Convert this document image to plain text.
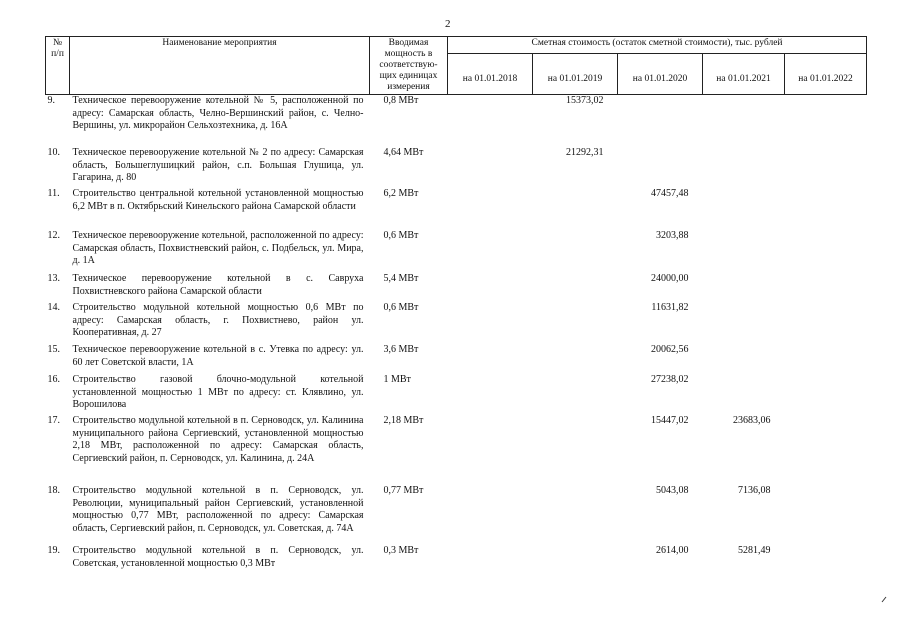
2
№ п/п	Наименование мероприятия	Вводимая мощность в соответствую-щих единицах измерения	Сметная стоимость (остаток сметной стоимости), тыс. рублей				
			на 01.01.2018	на 01.01.2019	на 01.01.2020	на 01.01.2021	на 01.01.2022
9.	Техническое перевооружение котельной № 5, расположенной по адресу: Самарская область, Челно-Вершинский район, с. Челно-Вершины, ул. микрорайон Сельхозтехника, д. 16А	0,8 МВт		15373,02			
10.	Техническое перевооружение котельной № 2 по адресу: Самарская область, Большеглушицкий район, с.п. Большая Глушица, ул. Гагарина, д. 80	4,64 МВт		21292,31			
11.	Строительство центральной котельной установленной мощностью 6,2 МВт в п. Октябрьский Кинельского района Самарской области	6,2 МВт			47457,48		
12.	Техническое перевооружение котельной, расположенной по адресу: Самарская область, Похвистневский район, с. Подбельск, ул. Мира, д. 1А	0,6 МВт			3203,88		
13.	Техническое перевооружение котельной в с. Савруха Похвистневского района Самарской области	5,4 МВт			24000,00		
14.	Строительство модульной котельной мощностью 0,6 МВт по адресу: Самарская область, г. Похвистнево, район ул. Кооперативная, д. 27	0,6 МВт			11631,82		
15.	Техническое перевооружение котельной в с. Утевка по адресу: ул. 60 лет Советской власти, 1А	3,6 МВт			20062,56		
16.	Строительство газовой блочно-модульной котельной установленной мощностью 1 МВт по адресу: ст. Клявлино, ул. Ворошилова	1 МВт			27238,02		
17.	Строительство модульной котельной в п. Серноводск, ул. Калинина муниципального района Сергиевский, установленной мощностью 2,18 МВт, расположенной по адресу: Самарская область, Сергиевский район, п. Серноводск, ул. Калинина, д. 24А	2,18 МВт			15447,02	23683,06	
18.	Строительство модульной котельной в п. Серноводск, ул. Революции, муниципальный район Сергиевский, установленной мощностью 0,77 МВт, расположенной по адресу: Самарская область, Сергиевский район, п. Серноводск, ул. Советская, д. 74А	0,77 МВт			5043,08	7136,08	
19.	Строительство модульной котельной в п. Серноводск, ул. Советская, установленной мощностью 0,3 МВт	0,3 МВт			2614,00	5281,49	
